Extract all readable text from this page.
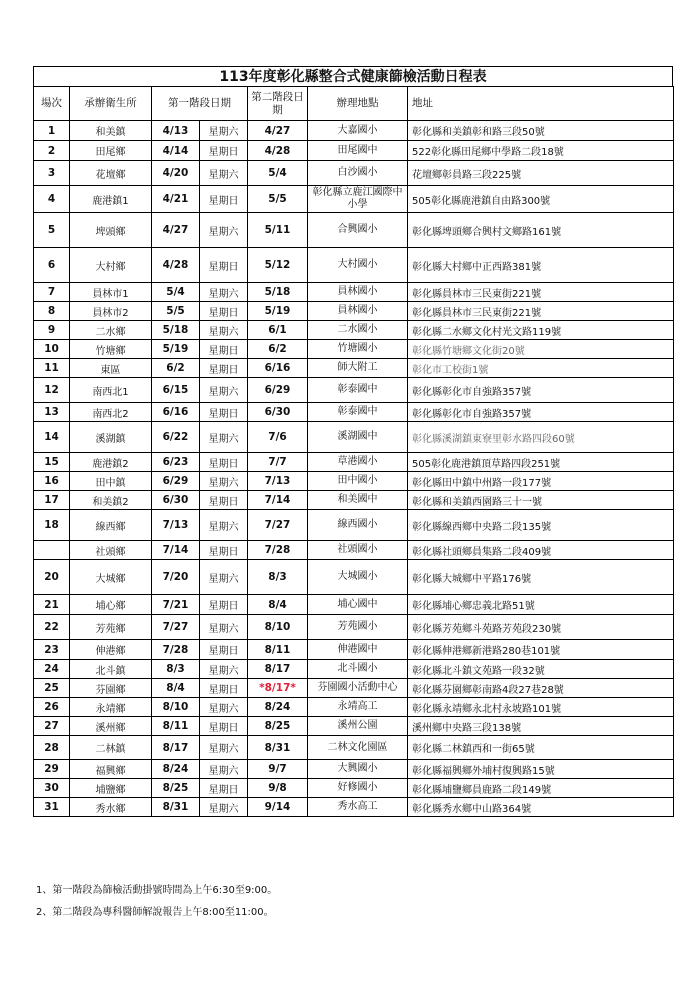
113年度彰化縣整合式健康篩檢活動日程表
場次	承辦衛生所	第一階段日期		第二階段日期	辦理地點	地址
1	和美鎮	4/13	星期六	4/27	大嘉國小	彰化縣和美鎮彰和路三段50號
2	田尾鄉	4/14	星期日	4/28	田尾國中	522彰化縣田尾鄉中學路二段18號
3	花壇鄉	4/20	星期六	5/4	白沙國小	花壇鄉彰員路三段225號
4	鹿港鎮1	4/21	星期日	5/5	彰化縣立鹿江國際中小學	505彰化縣鹿港鎮自由路300號
5	埤頭鄉	4/27	星期六	5/11	合興國小	彰化縣埤頭鄉合興村文鄉路161號
6	大村鄉	4/28	星期日	5/12	大村國小	彰化縣大村鄉中正西路381號
7	員林市1	5/4	星期六	5/18	員林國小	彰化縣員林市三民東街221號
8	員林市2	5/5	星期日	5/19	員林國小	彰化縣員林市三民東街221號
9	二水鄉	5/18	星期六	6/1	二水國小	彰化縣二水鄉文化村光文路119號
10	竹塘鄉	5/19	星期日	6/2	竹塘國小	彰化縣竹塘鄉文化街20號
11	東區	6/2	星期日	6/16	師大附工	彰化市工校街1號
12	南西北1	6/15	星期六	6/29	彰泰國中	彰化縣彰化市自強路357號
13	南西北2	6/16	星期日	6/30	彰泰國中	彰化縣彰化市自強路357號
14	溪湖鎮	6/22	星期六	7/6	溪湖國中	彰化縣溪湖鎮東寮里彰水路四段60號
15	鹿港鎮2	6/23	星期日	7/7	草港國小	505彰化鹿港鎮頂草路四段251號
16	田中鎮	6/29	星期六	7/13	田中國小	彰化縣田中鎮中州路一段177號
17	和美鎮2	6/30	星期日	7/14	和美國中	彰化縣和美鎮西園路三十一號
18	線西鄉	7/13	星期六	7/27	線西國小	彰化縣線西鄉中央路二段135號
	社頭鄉	7/14	星期日	7/28	社頭國小	彰化縣社頭鄉員集路二段409號
20	大城鄉	7/20	星期六	8/3	大城國小	彰化縣大城鄉中平路176號
21	埔心鄉	7/21	星期日	8/4	埔心國中	彰化縣埔心鄉忠義北路51號
22	芳苑鄉	7/27	星期六	8/10	芳苑國小	彰化縣芳苑鄉斗苑路芳苑段230號
23	伸港鄉	7/28	星期日	8/11	伸港國中	彰化縣伸港鄉新港路280巷101號
24	北斗鎮	8/3	星期六	8/17	北斗國小	彰化縣北斗鎮文苑路一段32號
25	芬園鄉	8/4	星期日	*8/17*	芬園國小活動中心	彰化縣芬園鄉彰南路4段27巷28號
26	永靖鄉	8/10	星期六	8/24	永靖高工	彰化縣永靖鄉永北村永坡路101號
27	溪州鄉	8/11	星期日	8/25	溪州公園	溪州鄉中央路三段138號
28	二林鎮	8/17	星期六	8/31	二林文化園區	彰化縣二林鎮西和一街65號
29	福興鄉	8/24	星期六	9/7	大興國小	彰化縣福興鄉外埔村復興路15號
30	埔鹽鄉	8/25	星期日	9/8	好修國小	彰化縣埔鹽鄉員鹿路二段149號
31	秀水鄉	8/31	星期六	9/14	秀水高工	彰化縣秀水鄉中山路364號
1、第一階段為篩檢活動掛號時間為上午6:30至9:00。
2、第二階段為專科醫師解說報告上午8:00至11:00。
